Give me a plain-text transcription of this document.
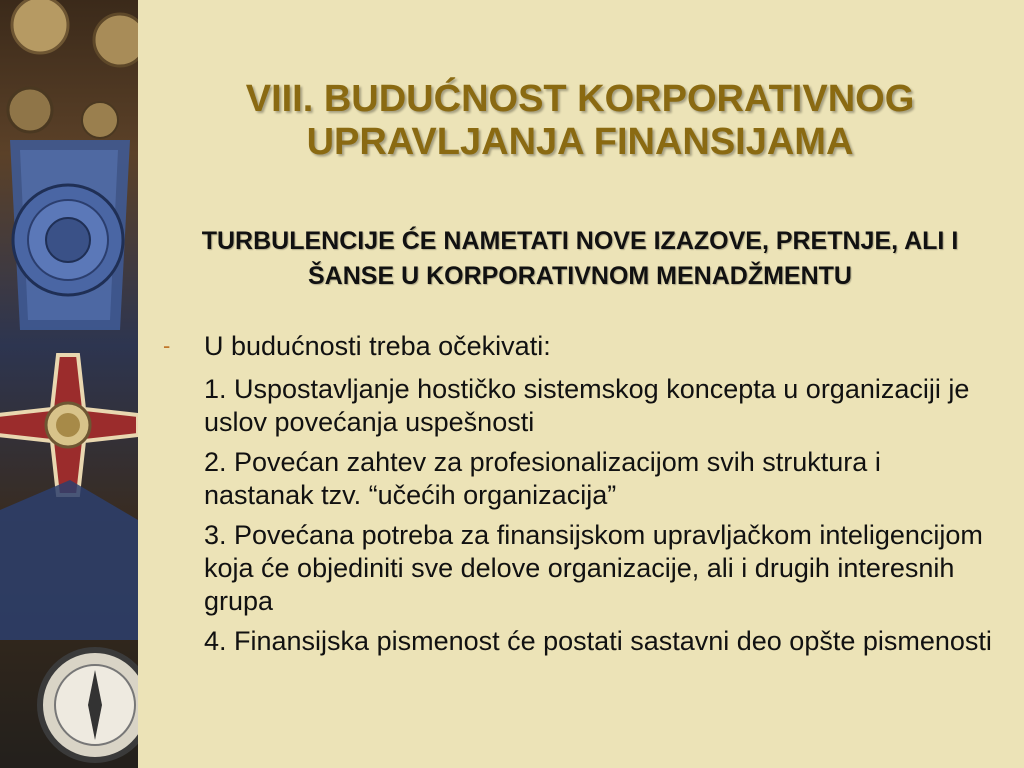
VIII. BUDUĆNOST KORPORATIVNOG
UPRAVLJANJA FINANSIJAMA
TURBULENCIJE ĆE NAMETATI NOVE IZAZOVE, PRETNJE, ALI I ŠANSE U KORPORATIVNOM MENADŽMENTU
- U budućnosti treba očekivati:
1. Uspostavljanje hostičko sistemskog koncepta u organizaciji je uslov povećanja uspešnosti
2. Povećan zahtev za profesionalizacijom svih struktura i nastanak tzv. “učećih organizacija”
3. Povećana potreba za finansijskom upravljačkom inteligencijom koja će objediniti sve delove organizacije, ali i drugih interesnih grupa
4. Finansijska pismenost će postati sastavni deo opšte pismenosti
